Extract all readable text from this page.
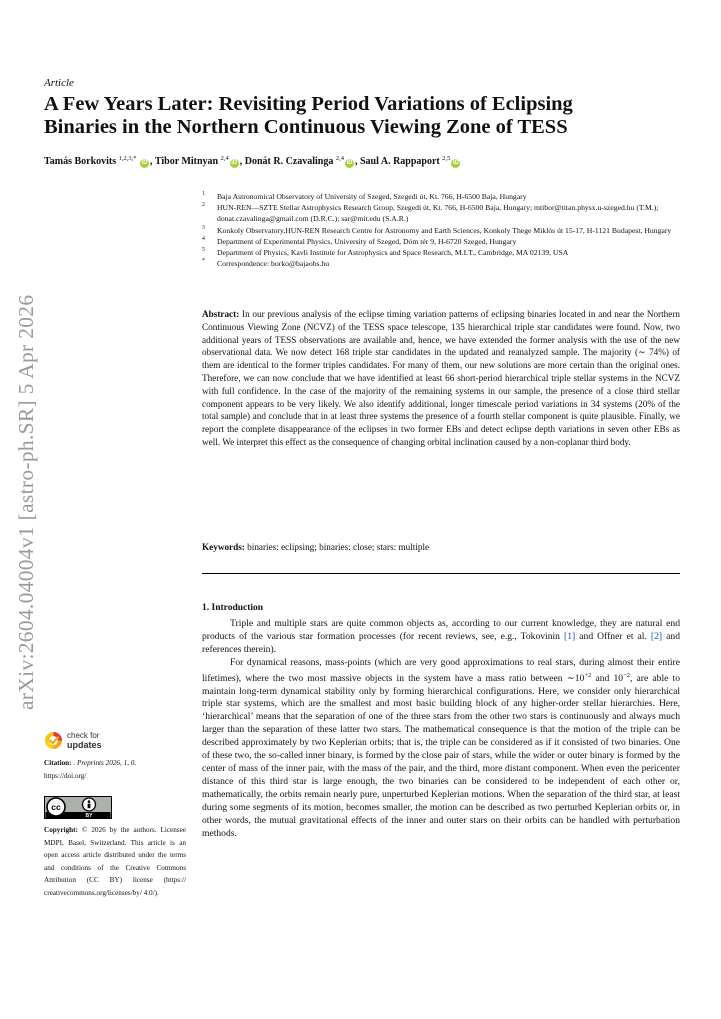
arXiv:2604.04004v1 [astro-ph.SR] 5 Apr 2026
Article
A Few Years Later: Revisiting Period Variations of Eclipsing
Binaries in the Northern Continuous Viewing Zone of TESS
Tamás Borkovits $^{1,2,3,*}$ iD , Tibor Mitnyan $^{2,4}$iD , Donát R. Czavalinga $^{2,4}$iD , Saul A. Rappaport $^{2,5}$iD
1 Baja Astronomical Observatory of University of Szeged, Szegedi út, Kt. 766, H-6500 Baja, Hungary
2 HUN-REN—SZTE Stellar Astrophysics Research Group, Szegedi út, Kt. 766, H-6500 Baja, Hungary; mtibor@titan.physx.u-szeged.hu (T.M.); donat.czavalinga@gmail.com (D.R.C.); sar@mit.edu (S.A.R.)
3 Konkoly Observatory,HUN-REN Research Centre for Astronomy and Earth Sciences, Konkoly Thege Miklós út 15-17, H-1121 Budapest, Hungary
4 Department of Experimental Physics, University of Szeged, Dóm tér 9, H-6720 Szeged, Hungary
5 Department of Physics, Kavli Institute for Astrophysics and Space Research, M.I.T., Cambridge, MA 02139, USA
* Correspondence: borko@bajaobs.hu
Abstract: In our previous analysis of the eclipse timing variation patterns of eclipsing binaries located in and near the Northern Continuous Viewing Zone (NCVZ) of the TESS space telescope, 135 hierarchical triple star candidates were found. Now, two additional years of TESS observations are available and, hence, we have extended the former analysis with the use of the new observational data. We now detect 168 triple star candidates in the updated and reanalyzed sample. The majority (∼ 74%) of them are identical to the former triples candidates. For many of them, our new solutions are more certain than the original ones. Therefore, we can now conclude that we have identified at least 66 short-period hierarchical triple stellar systems in the NCVZ with full confidence. In the case of the majority of the remaining systems in our sample, the presence of a close third stellar component appears to be very likely. We also identify additional, longer timescale period variations in 34 systems (20% of the total sample) and conclude that in at least three systems the presence of a fourth stellar component is quite plausible. Finally, we report the complete disappearance of the eclipses in two former EBs and detect eclipse depth variations in seven other EBs as well. We interpret this effect as the consequence of changing orbital inclination caused by a non-coplanar third body.
Keywords: binaries: eclipsing; binaries: close; stars: multiple
1. Introduction

Triple and multiple stars are quite common objects as, according to our current knowledge, they are natural end products of the various star formation processes (for recent reviews, see, e.g., Tokovinin [1] and Offner et al. [2] and references therein).

For dynamical reasons, mass-points (which are very good approximations to real stars, during almost their entire lifetimes), where the two most massive objects in the system have a mass ratio between $\sim 10^{+2}$ and $10^{-2}$, are able to maintain long-term dynamical stability only by forming hierarchical configurations. Here, we consider only hierarchical triple star systems, which are the smallest and most basic building block of any higher-order stellar hierarchies. Here, ‘hierarchical’ means that the separation of one of the three stars from the other two stars is continuously and always much larger than the separation of these latter two stars. The mathematical consequence is that the motion of the triple can be described approximately by two Keplerian orbits; that is, the triple can be considered as if it consisted of two binaries. One of these two, the so-called inner binary, is formed by the close pair of stars, while the wider or outer binary is formed by the center of mass of the inner pair, with the mass of the pair, and the third, more distant component. When even the pericenter distance of this third star is large enough, the two binaries can be considered to be independent of each other or, mathematically, the orbits remain nearly pure, unperturbed Keplerian motions. When the separation of the third star, at least during some segments of its motion, becomes smaller, the motion can be described as two perturbed Keplerian orbits or, in other words, the mutual gravitational effects of the inner and outer stars on their orbits can be handled with perturbation methods.

check for
updates
Citation: . Preprints 2026, 1, 0.
https://doi.org/
cc
BY
Copyright: © 2026 by the authors. Licensee MDPI, Basel, Switzerland. This article is an open access article distributed under the terms and conditions of the Creative Commons Attribution (CC BY) license (https:// creativecommons.org/licenses/by/ 4.0/).
